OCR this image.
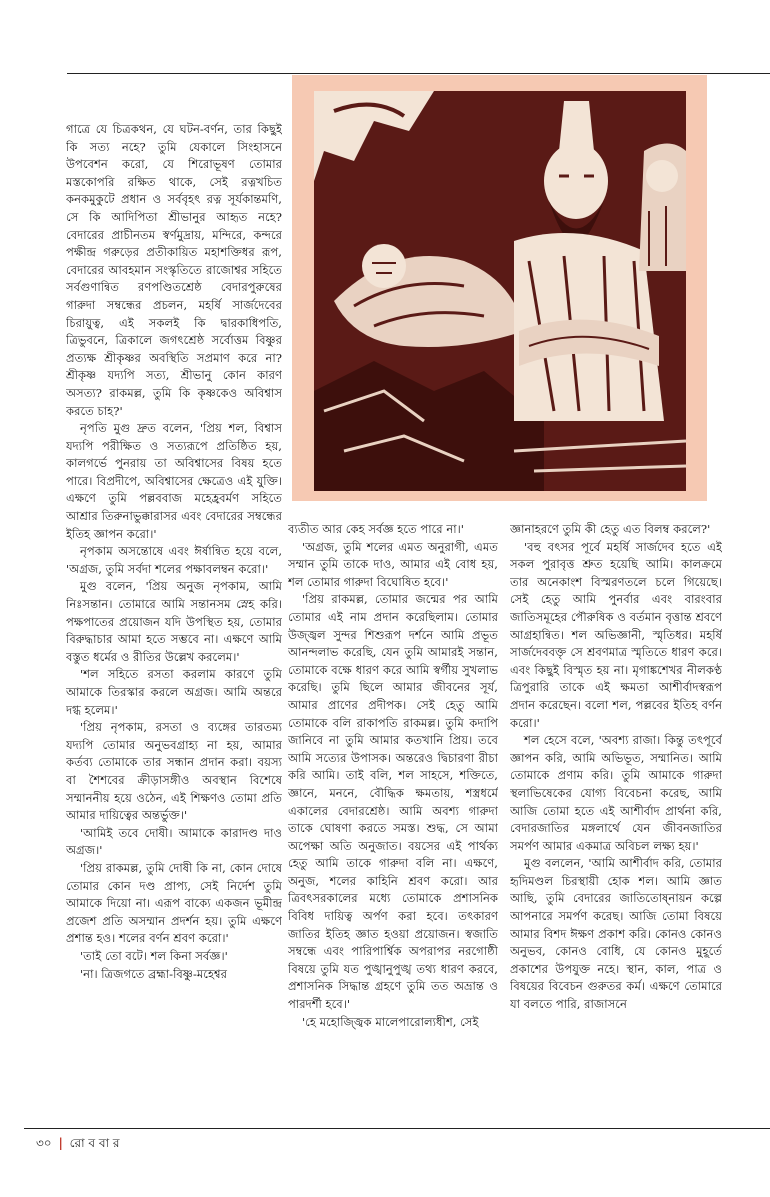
গাত্রে যে চিত্রকথন, যে ঘটন-বর্ণন, তার কিছুই কি সত্য নহে? তুমি যেকালে সিংহাসনে উপবেশন করো, যে শিরোভূষণ তোমার মস্তকোপরি রক্ষিত থাকে, সেই রত্নখচিত কনকমুকুটে প্রধান ও সর্ববৃহৎ রত্ন সূর্যকান্তমণি, সে কি আদিপিতা শ্রীভানুর আহৃত নহে? বেদারের প্রাচীনতম স্বর্ণমুদ্রায়, মন্দিরে, কন্দরে পক্ষীন্দ্র গরুড়ের প্রতীকায়িত মহাশক্তিধর রূপ, বেদারের আবহমান সংস্কৃতিতে রাজোশ্বর সহিতে সর্বগুণান্বিত রণপণ্ডিতশ্রেষ্ঠ বেদারপুরুষের গারুদা সম্বন্ধের প্রচলন, মহর্ষি সার্জদেবের চিরায়ুত্ব, এই সকলই কি দ্বারকাধিপতি, ত্রিভুবনে, ত্রিকালে জগৎশ্রেষ্ঠ সর্বোত্তম বিষ্ণুর প্রত্যক্ষ শ্রীকৃষ্ণর অবস্থিতি সপ্রমাণ করে না? শ্রীকৃষ্ণ যদ্যপি সত্য, শ্রীভানু কোন কারণ অসত্য? রাকমল্ল, তুমি কি কৃষ্ণকেও অবিশ্বাস করতে চাহ?'

নৃপতি মুগু দ্রুত বলেন, 'প্রিয় শল, বিশ্বাস যদ্যপি পরীক্ষিত ও সত্যরূপে প্রতিষ্ঠিত হয়, কালগর্ভে পুনরায় তা অবিশ্বাসের বিষয় হতে পারে। বিপ্রদীপে, অবিশ্বাসের ক্ষেত্রেও এই যুক্তি। এক্ষণে তুমি পল্লববাজ মহেহ্রবর্মণ সহিতে আশ্রার তিরুনাভুক্কারাসর এবং বেদারের সম্বন্ধের ইতিহ জ্ঞাপন করো।'

নৃপকাম অসন্তোষে এবং ঈর্ষান্বিত হয়ে বলে, 'অগ্রজ, তুমি সর্বদা শলের পক্ষাবলম্বন করো।'

মুগু বলেন, 'প্রিয় অনুজ নৃপকাম, আমি নিঃসন্তান। তোমারে আমি সন্তানসম স্নেহ করি। পক্ষপাতের প্রয়োজন যদি উপস্থিত হয়, তোমার বিরুদ্ধাচার আমা হতে সম্ভবে না। এক্ষণে আমি বস্তুত ধর্মের ও রীতির উল্লেখ করলেম।'

'শল সহিতে রসতা করলাম কারণে তুমি আমাকে তিরস্কার করলে অগ্রজ। আমি অন্তরে দগ্ধ হলেম।'

'প্রিয় নৃপকাম, রসতা ও ব্যঙ্গের তারতম্য যদ্যপি তোমার অনুভবগ্রাহ্য না হয়, আমার কর্তব্য তোমাকে তার সন্ধান প্রদান করা। বয়স্য বা শৈশবের ক্রীড়াসঙ্গীও অবস্থান বিশেষে সম্মাননীয় হয়ে ওঠেন, এই শিক্ষণও তোমা প্রতি আমার দায়িত্বের অন্তর্ভুক্ত।'

'আমিই তবে দোষী। আমাকে কারাদণ্ড দাও অগ্রজ।'

'প্রিয় রাকমল্ল, তুমি দোষী কি না, কোন দোষে তোমার কোন দণ্ড প্রাপ্য, সেই নির্দেশ তুমি আমাকে দিয়ো না। এরূপ বাক্যে একজন ভূমীন্দ্র প্রজেশ প্রতি অসম্মান প্রদর্শন হয়। তুমি এক্ষণে প্রশান্ত হও। শলের বর্ণন শ্রবণ করো।'

'তাই তো বটে। শল কিনা সর্বজ্ঞ।'

'না। ত্রিজগতে ব্রহ্মা-বিষ্ণু-মহেশ্বর

ব্যতীত আর কেহ সর্বজ্ঞ হতে পারে না।'

'অগ্রজ, তুমি শলের এমত অনুরাগী, এমত সম্মান তুমি তাকে দাও, আমার এই বোধ হয়, শল তোমার গারুদা বিঘোষিত হবে।'

'প্রিয় রাকমল্ল, তোমার জন্মের পর আমি তোমার এই নাম প্রদান করেছিলাম। তোমার উজ্জ্বল সুন্দর শিশুরূপ দর্শনে আমি প্রভূত আনন্দলাভ করেছি, যেন তুমি আমারই সন্তান, তোমাকে বক্ষে ধারণ করে আমি স্বর্গীয় সুখলাভ করেছি। তুমি ছিলে আমার জীবনের সূর্য, আমার প্রাণের প্রদীপক। সেই হেতু আমি তোমাকে বলি রাকাপতি রাকমল্ল। তুমি কদাপি জানিবে না তুমি আমার কতখানি প্রিয়। তবে আমি সত্যের উপাসক। অন্তরেও দ্বিচারণা রীচা করি আমি। তাই বলি, শল সাহসে, শক্তিতে, জ্ঞানে, মননে, বৌদ্ধিক ক্ষমতায়, শস্ত্রধর্মে একালের বেদারশ্রেষ্ঠ। আমি অবশ্য গারুদা তাকে ঘোষণা করতে সমস্ত। শুদ্ধ, সে আমা অপেক্ষা অতি অনুজাত। বয়সের এই পার্থক্য হেতু আমি তাকে গারুদা বলি না। এক্ষণে, অনুজ, শলের কাহিনি শ্রবণ করো। আর ত্রিবৎসরকালের মধ্যে তোমাকে প্রশাসনিক বিবিধ দায়িত্ব অর্পণ করা হবে। তৎকারণ জাতির ইতিহ জ্ঞাত হওয়া প্রয়োজন। স্বজাতি সম্বন্ধে এবং পারিপার্শ্বিক অপরাপর নরগোষ্ঠী বিষয়ে তুমি যত পুঙ্খানুপুঙ্খ তথ্য ধারণ করবে, প্রশাসনিক সিদ্ধান্ত গ্রহণে তুমি তত অভ্রান্ত ও পারদর্শী হবে।'

'হে মহোজ্জ্বিক মালেপারোল্যধীশ, সেই

জ্ঞানাহরণে তুমি কী হেতু এত বিলম্ব করলে?'

'বহু বৎসর পূর্বে মহর্ষি সার্জদেব হতে এই সকল পুরাবৃত্ত শ্রুত হয়েছি আমি। কালক্রমে তার অনেকাংশ বিস্মরণতলে চলে গিয়েছে। সেই হেতু আমি পুনর্বার এবং বারংবার জাতিসমূহের পৌরুষিক ও বর্তমান বৃত্তান্ত শ্রবণে আগ্রহান্বিত। শল অভিজ্ঞানী, স্মৃতিধর। মহর্ষি সার্জদেববক্তৃ সে শ্রবণমাত্র স্মৃতিতে ধারণ করে। এবং কিছুই বিস্মৃত হয় না। মৃগাঙ্কশেখর নীলকণ্ঠ ত্রিপুরারি তাকে এই ক্ষমতা আশীর্বাদস্বরূপ প্রদান করেছেন। বলো শল, পল্লবের ইতিহ বর্ণন করো।'

শল হেসে বলে, 'অবশ্য রাজা। কিন্তু তৎপূর্বে জ্ঞাপন করি, আমি অভিভূত, সম্মানিত। আমি তোমাকে প্রণাম করি। তুমি আমাকে গারুদা স্থলাভিষেকের যোগ্য বিবেচনা করেছ, আমি আজি তোমা হতে এই আশীর্বাদ প্রার্থনা করি, বেদারজাতির মঙ্গলার্থে যেন জীবনজাতির সমর্পণ আমার একমাত্র অবিচল লক্ষ্য হয়।'

মুগু বললেন, 'আমি আশীর্বাদ করি, তোমার হৃদিমণ্ডল চিরস্থায়ী হোক শল। আমি জ্ঞাত আছি, তুমি বেদারের জাতিতোষ্নায়ন কল্পে আপনারে সমর্পণ করেছ। আজি তোমা বিষয়ে আমার বিশদ ঈক্ষণ প্রকাশ করি। কোনও কোনও অনুভব, কোনও বোধি, যে কোনও মুহূর্তে প্রকাশের উপযুক্ত নহে। স্থান, কাল, পাত্র ও বিষয়ের বিবেচন গুরুতর কর্ম। এক্ষণে তোমারে যা বলতে পারি, রাজাসনে

৩০ | রো ব বা র
